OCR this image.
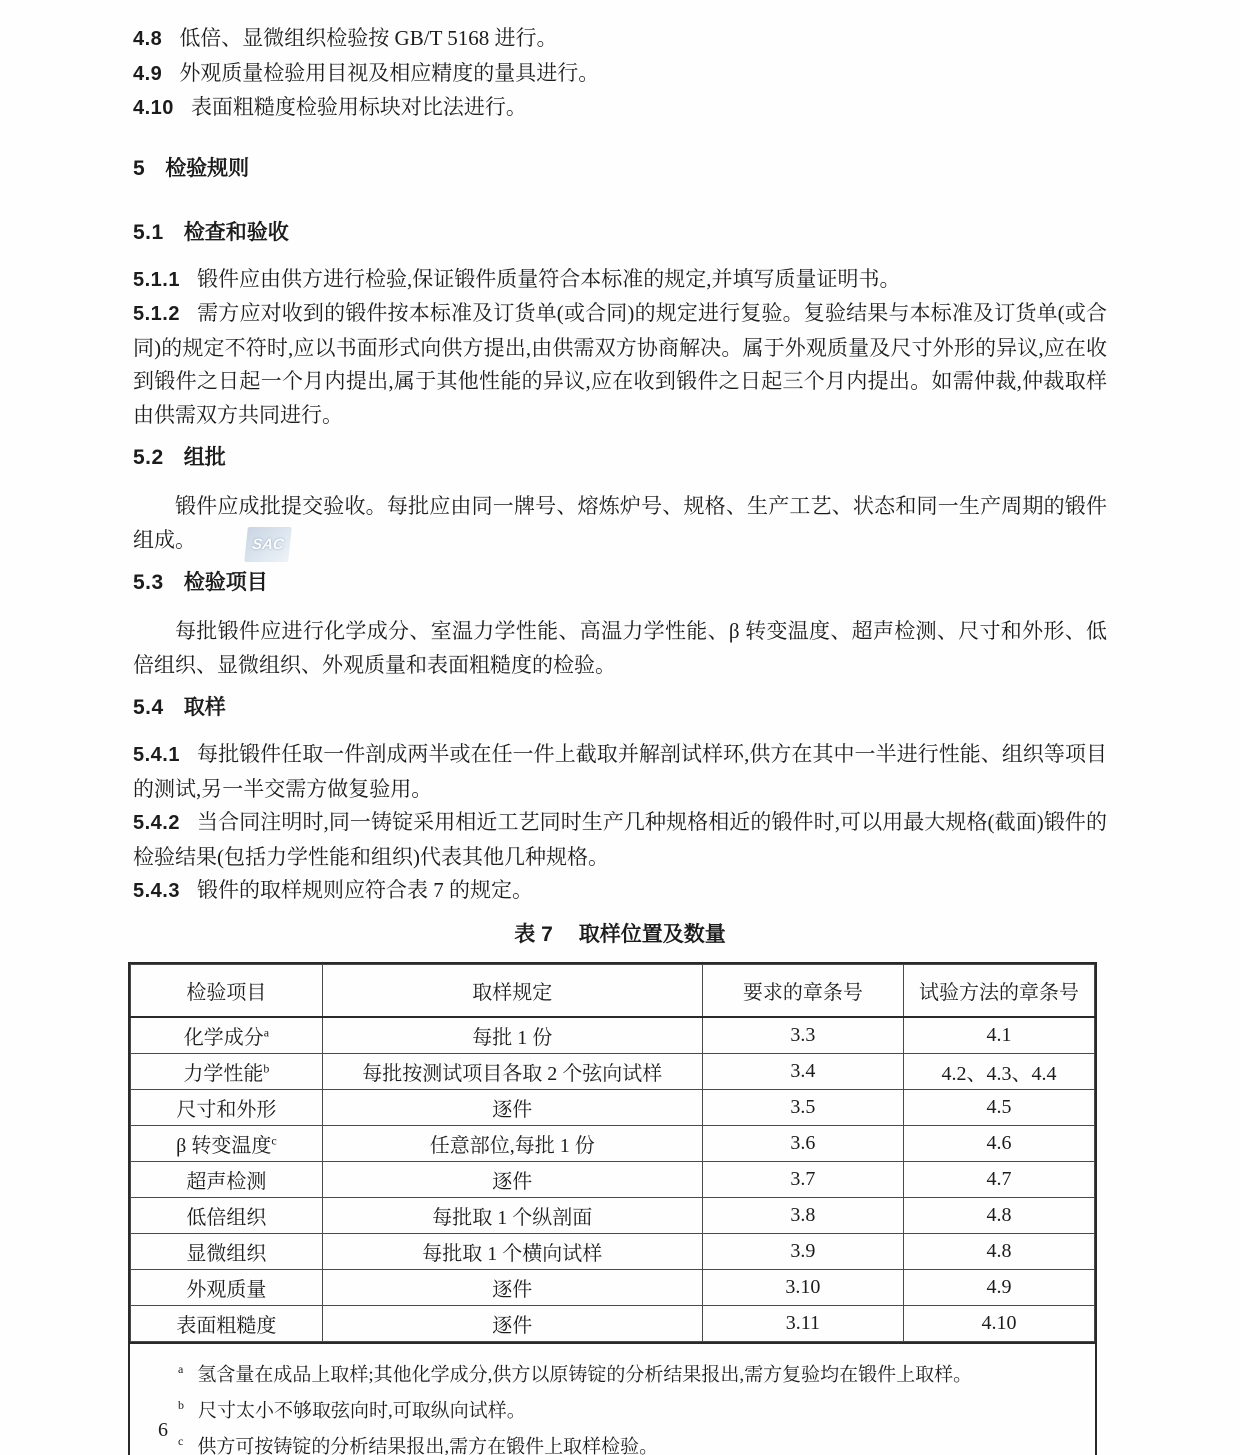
SAC

4.8 低倍、显微组织检验按 GB/T 5168 进行。

4.9 外观质量检验用目视及相应精度的量具进行。

4.10 表面粗糙度检验用标块对比法进行。

5 检验规则

5.1 检查和验收

5.1.1 锻件应由供方进行检验,保证锻件质量符合本标准的规定,并填写质量证明书。

5.1.2 需方应对收到的锻件按本标准及订货单(或合同)的规定进行复验。复验结果与本标准及订货单(或合同)的规定不符时,应以书面形式向供方提出,由供需双方协商解决。属于外观质量及尺寸外形的异议,应在收到锻件之日起一个月内提出,属于其他性能的异议,应在收到锻件之日起三个月内提出。如需仲裁,仲裁取样由供需双方共同进行。

5.2 组批

锻件应成批提交验收。每批应由同一牌号、熔炼炉号、规格、生产工艺、状态和同一生产周期的锻件组成。

5.3 检验项目

每批锻件应进行化学成分、室温力学性能、高温力学性能、β 转变温度、超声检测、尺寸和外形、低倍组织、显微组织、外观质量和表面粗糙度的检验。

5.4 取样

5.4.1 每批锻件任取一件剖成两半或在任一件上截取并解剖试样环,供方在其中一半进行性能、组织等项目的测试,另一半交需方做复验用。

5.4.2 当合同注明时,同一铸锭采用相近工艺同时生产几种规格相近的锻件时,可以用最大规格(截面)锻件的检验结果(包括力学性能和组织)代表其他几种规格。

5.4.3 锻件的取样规则应符合表 7 的规定。

表 7 取样位置及数量
检验项目	取样规定	要求的章条号	试验方法的章条号
化学成分$^a$	每批 1 份	3.3	4.1
力学性能$^b$	每批按测试项目各取 2 个弦向试样	3.4	4.2、4.3、4.4
尺寸和外形	逐件	3.5	4.5
β 转变温度$^c$	任意部位,每批 1 份	3.6	4.6
超声检测	逐件	3.7	4.7
低倍组织	每批取 1 个纵剖面	3.8	4.8
显微组织	每批取 1 个横向试样	3.9	4.8
外观质量	逐件	3.10	4.9
表面粗糙度	逐件	3.11	4.10

$^a$ 氢含量在成品上取样;其他化学成分,供方以原铸锭的分析结果报出,需方复验均在锻件上取样。

$^b$ 尺寸太小不够取弦向时,可取纵向试样。

$^c$ 供方可按铸锭的分析结果报出,需方在锻件上取样检验。

6
